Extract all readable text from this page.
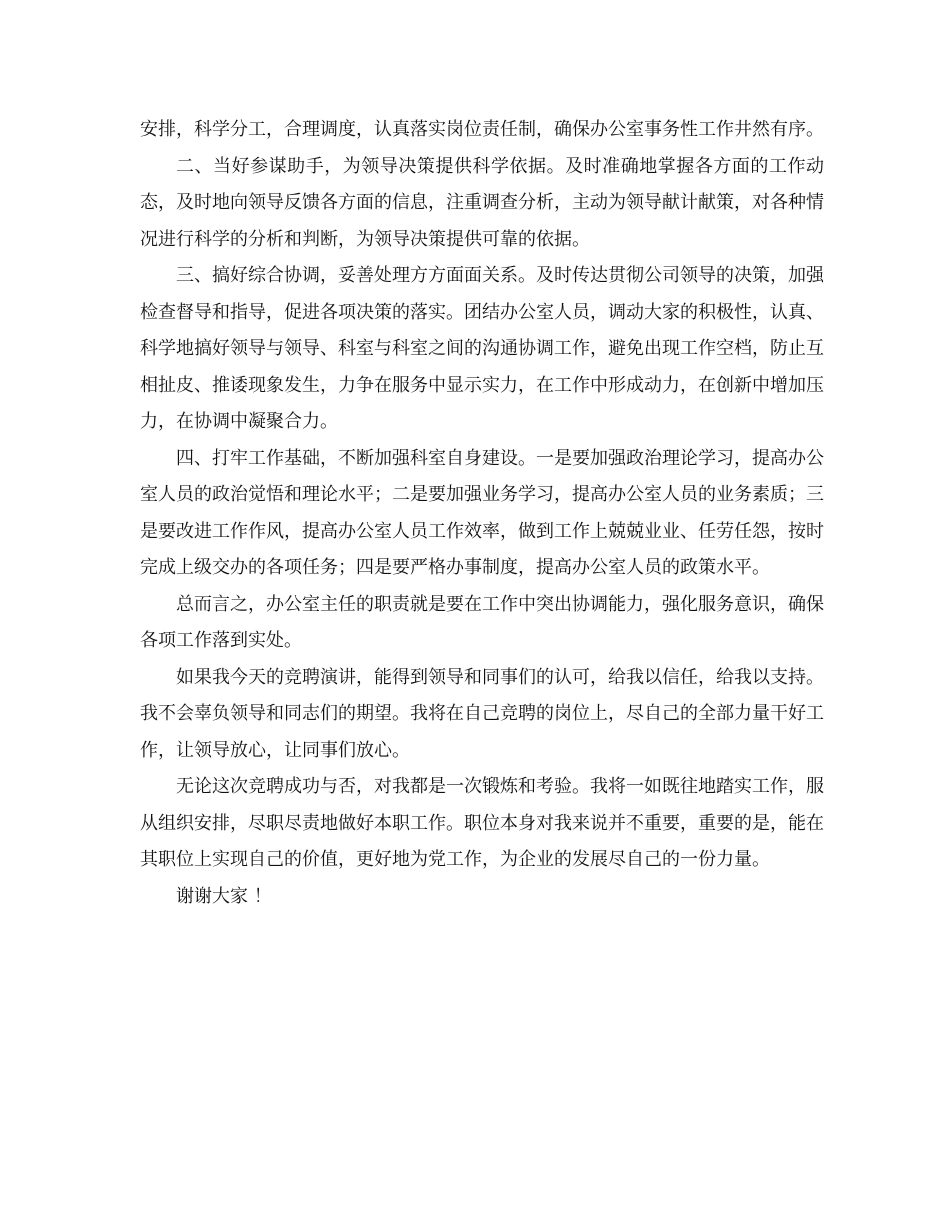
安排，科学分工，合理调度，认真落实岗位责任制，确保办公室事务性工作井然有序。

二、当好参谋助手，为领导决策提供科学依据。及时准确地掌握各方面的工作动态，及时地向领导反馈各方面的信息，注重调查分析，主动为领导献计献策，对各种情况进行科学的分析和判断，为领导决策提供可靠的依据。

三、搞好综合协调，妥善处理方方面面关系。及时传达贯彻公司领导的决策，加强检查督导和指导，促进各项决策的落实。团结办公室人员，调动大家的积极性，认真、科学地搞好领导与领导、科室与科室之间的沟通协调工作，避免出现工作空档，防止互相扯皮、推诿现象发生，力争在服务中显示实力，在工作中形成动力，在创新中增加压力，在协调中凝聚合力。

四、打牢工作基础，不断加强科室自身建设。一是要加强政治理论学习，提高办公室人员的政治觉悟和理论水平；二是要加强业务学习，提高办公室人员的业务素质；三是要改进工作作风，提高办公室人员工作效率，做到工作上兢兢业业、任劳任怨，按时完成上级交办的各项任务；四是要严格办事制度，提高办公室人员的政策水平。

总而言之，办公室主任的职责就是要在工作中突出协调能力，强化服务意识，确保各项工作落到实处。

如果我今天的竞聘演讲，能得到领导和同事们的认可，给我以信任，给我以支持。我不会辜负领导和同志们的期望。我将在自己竞聘的岗位上，尽自己的全部力量干好工作，让领导放心，让同事们放心。

无论这次竞聘成功与否，对我都是一次锻炼和考验。我将一如既往地踏实工作，服从组织安排，尽职尽责地做好本职工作。职位本身对我来说并不重要，重要的是，能在其职位上实现自己的价值，更好地为党工作，为企业的发展尽自己的一份力量。

谢谢大家 ！
